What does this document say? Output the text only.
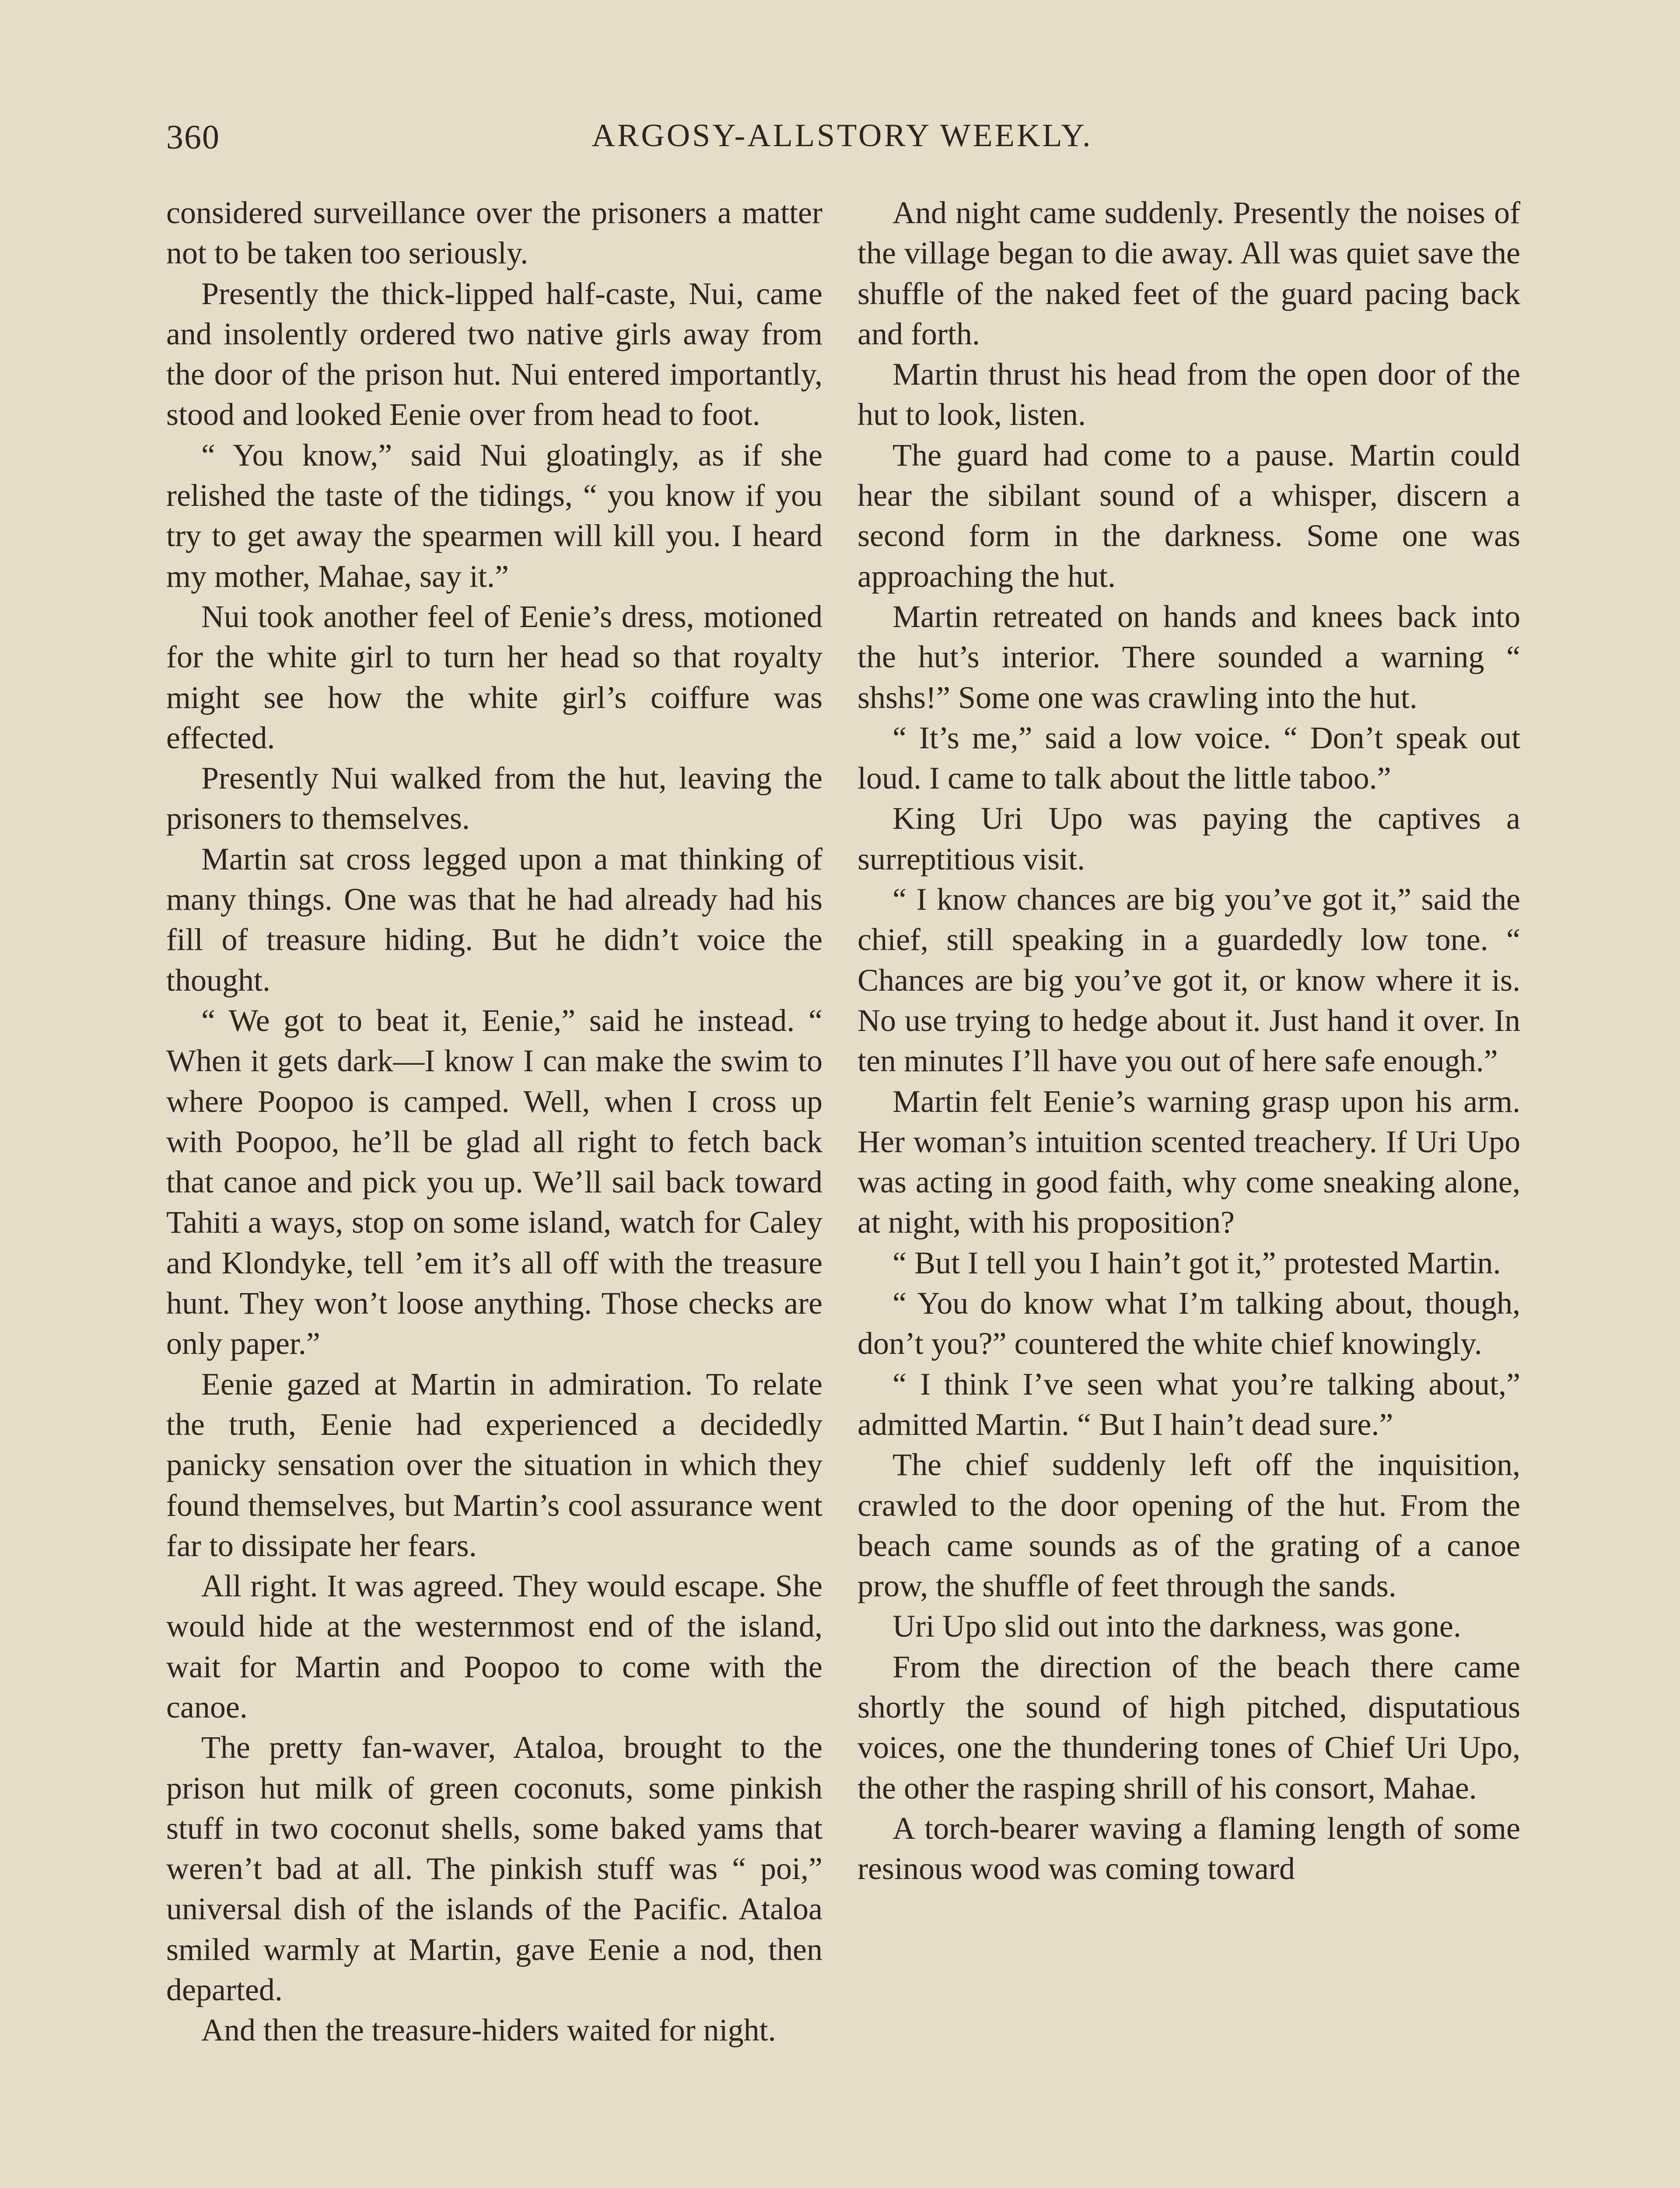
360	ARGOSY-ALLSTORY WEEKLY.

considered surveillance over the prisoners a matter not to be taken too seriously.

Presently the thick-lipped half-caste, Nui, came and insolently ordered two native girls away from the door of the prison hut. Nui entered importantly, stood and looked Eenie over from head to foot.

“ You know,” said Nui gloatingly, as if she relished the taste of the tidings, “ you know if you try to get away the spearmen will kill you. I heard my mother, Mahae, say it.”

Nui took another feel of Eenie’s dress, motioned for the white girl to turn her head so that royalty might see how the white girl’s coiffure was effected.

Presently Nui walked from the hut, leaving the prisoners to themselves.

Martin sat cross legged upon a mat thinking of many things. One was that he had already had his fill of treasure hiding. But he didn’t voice the thought.

“ We got to beat it, Eenie,” said he instead. “ When it gets dark—I know I can make the swim to where Poopoo is camped. Well, when I cross up with Poopoo, he’ll be glad all right to fetch back that canoe and pick you up. We’ll sail back toward Tahiti a ways, stop on some island, watch for Caley and Klondyke, tell ’em it’s all off with the treasure hunt. They won’t loose anything. Those checks are only paper.”

Eenie gazed at Martin in admiration. To relate the truth, Eenie had experienced a decidedly panicky sensation over the situation in which they found themselves, but Martin’s cool assurance went far to dissipate her fears.

All right. It was agreed. They would escape. She would hide at the westernmost end of the island, wait for Martin and Poopoo to come with the canoe.

The pretty fan-waver, Ataloa, brought to the prison hut milk of green coconuts, some pinkish stuff in two coconut shells, some baked yams that weren’t bad at all. The pinkish stuff was “ poi,” universal dish of the islands of the Pacific. Ataloa smiled warmly at Martin, gave Eenie a nod, then departed.

And then the treasure-hiders waited for night.

And night came suddenly. Presently the noises of the village began to die away. All was quiet save the shuffle of the naked feet of the guard pacing back and forth.

Martin thrust his head from the open door of the hut to look, listen.

The guard had come to a pause. Martin could hear the sibilant sound of a whisper, discern a second form in the darkness. Some one was approaching the hut.

Martin retreated on hands and knees back into the hut’s interior. There sounded a warning “ shshs!” Some one was crawling into the hut.

“ It’s me,” said a low voice. “ Don’t speak out loud. I came to talk about the little taboo.”

King Uri Upo was paying the captives a surreptitious visit.

“ I know chances are big you’ve got it,” said the chief, still speaking in a guardedly low tone. “ Chances are big you’ve got it, or know where it is. No use trying to hedge about it. Just hand it over. In ten minutes I’ll have you out of here safe enough.”

Martin felt Eenie’s warning grasp upon his arm. Her woman’s intuition scented treachery. If Uri Upo was acting in good faith, why come sneaking alone, at night, with his proposition?

“ But I tell you I hain’t got it,” protested Martin.

“ You do know what I’m talking about, though, don’t you?” countered the white chief knowingly.

“ I think I’ve seen what you’re talking about,” admitted Martin. “ But I hain’t dead sure.”

The chief suddenly left off the inquisition, crawled to the door opening of the hut. From the beach came sounds as of the grating of a canoe prow, the shuffle of feet through the sands.

Uri Upo slid out into the darkness, was gone.

From the direction of the beach there came shortly the sound of high pitched, disputatious voices, one the thundering tones of Chief Uri Upo, the other the rasping shrill of his consort, Mahae.

A torch-bearer waving a flaming length of some resinous wood was coming toward
